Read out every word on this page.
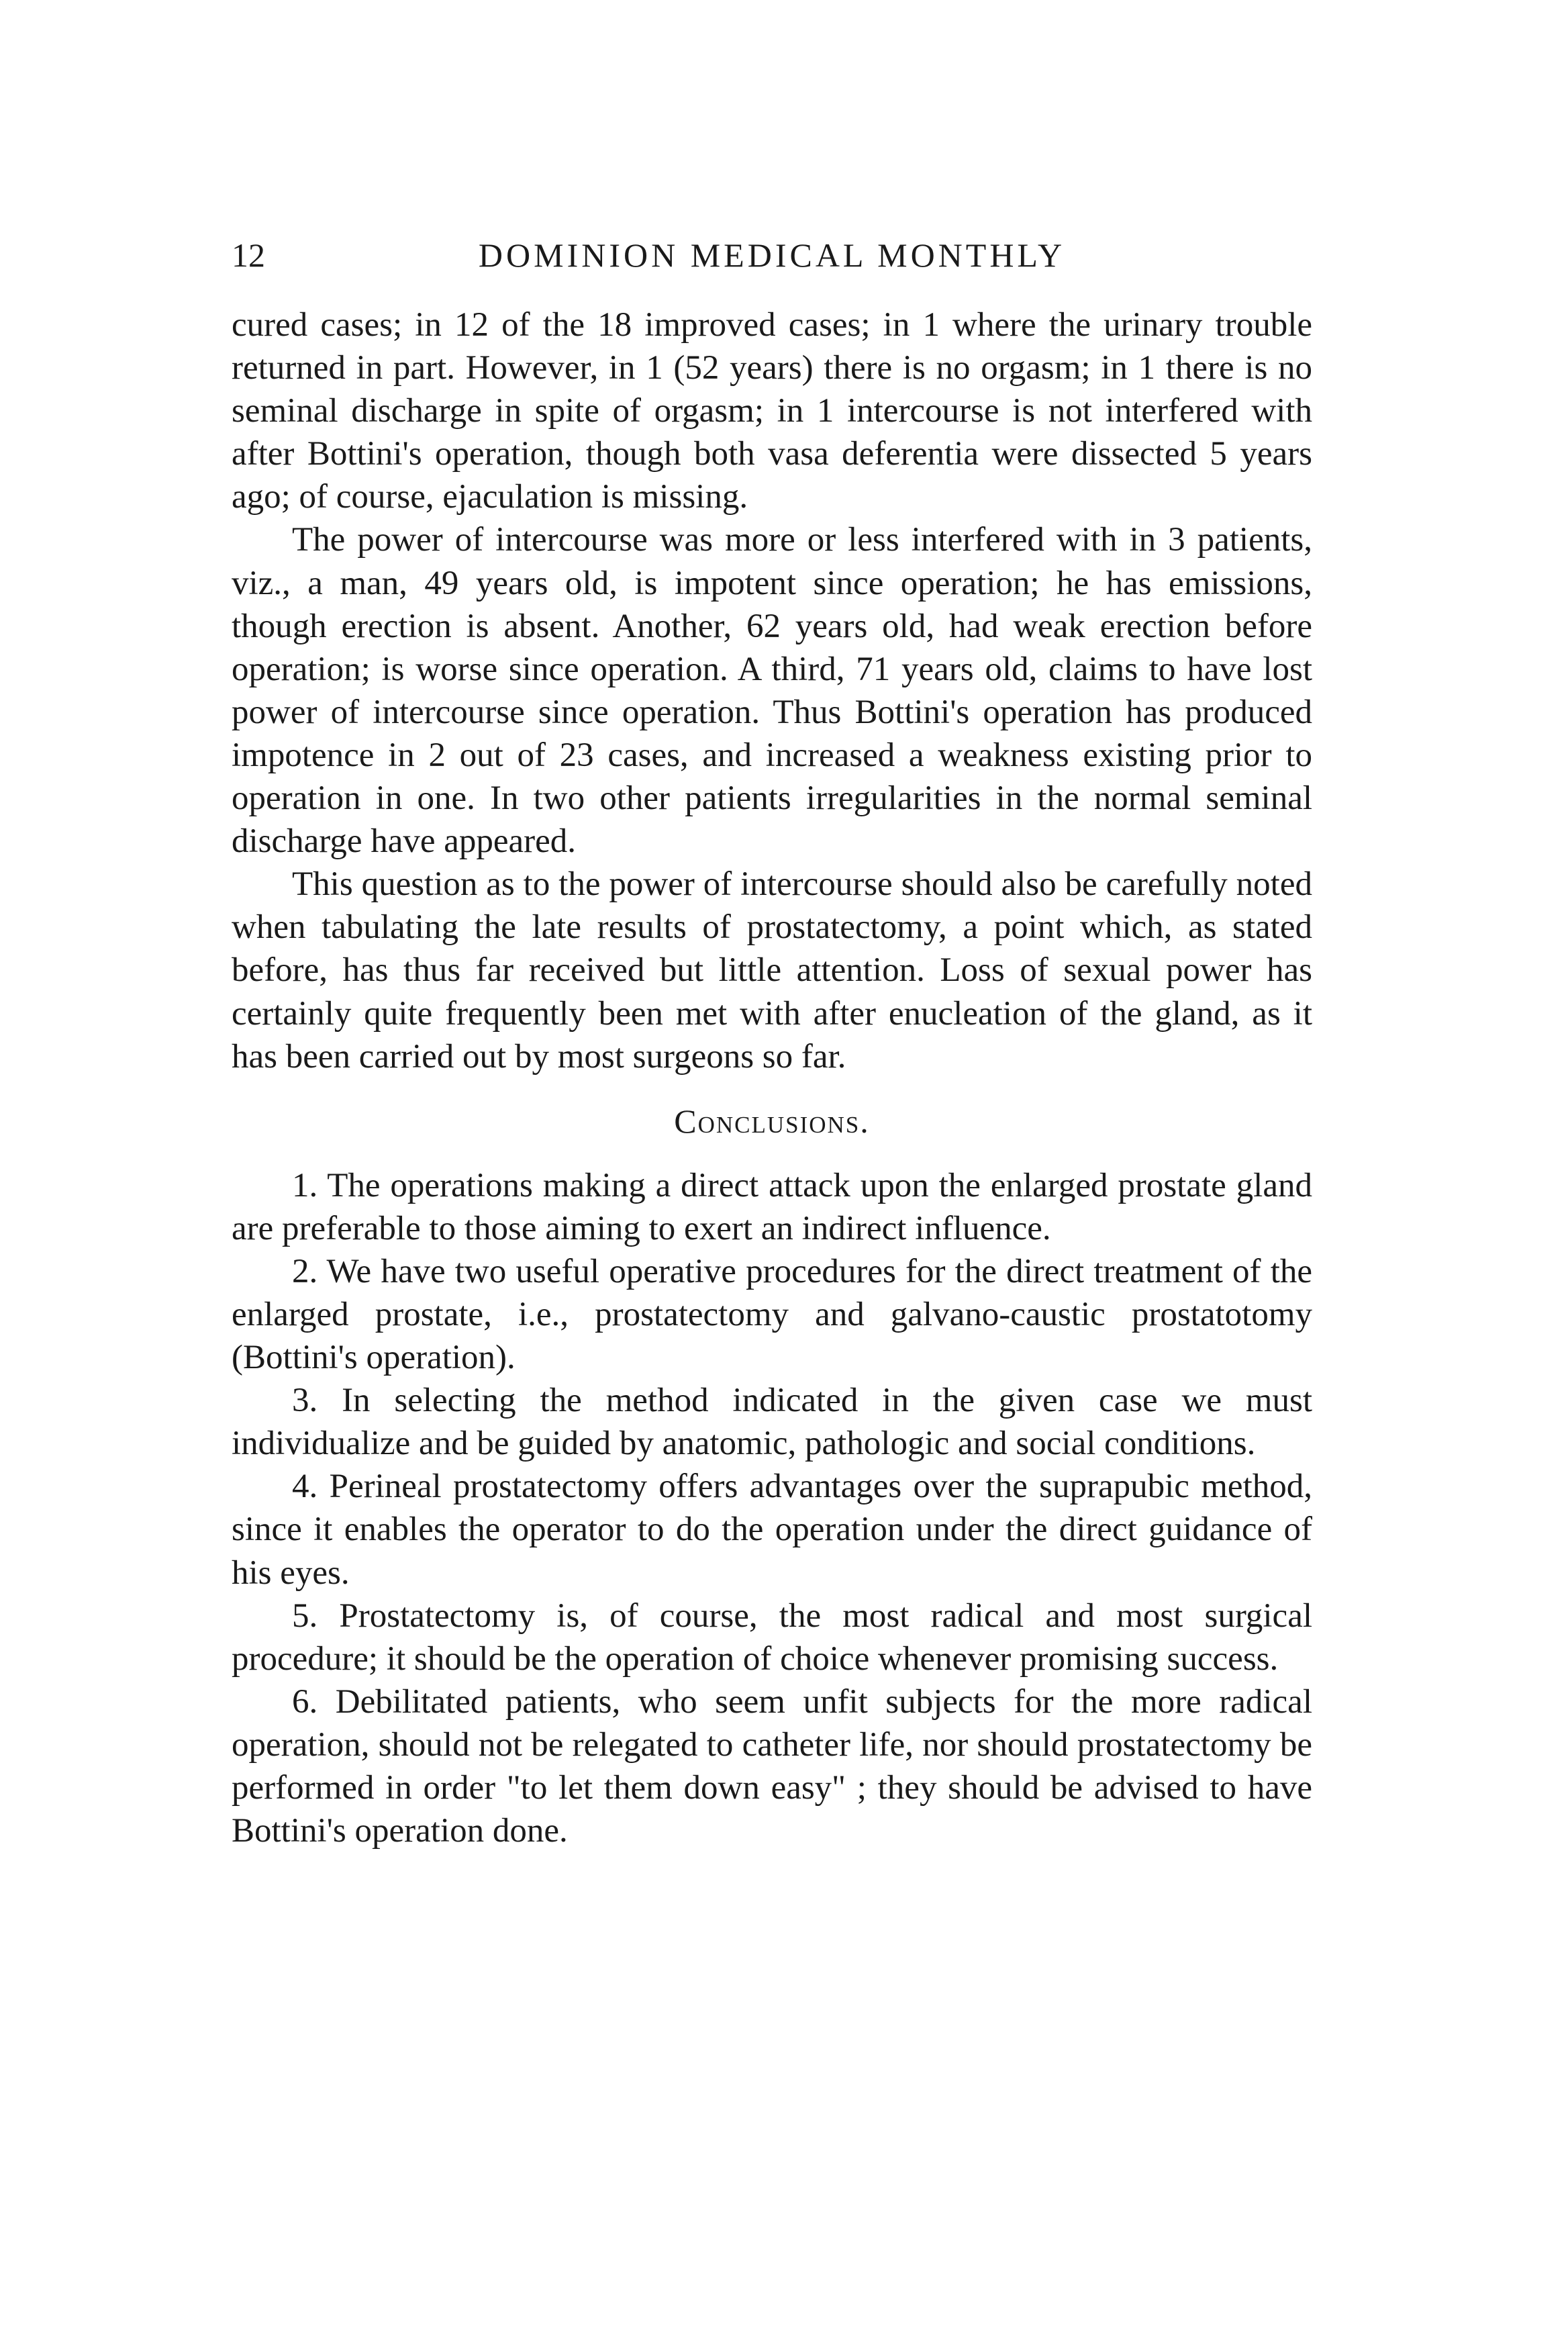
12	DOMINION MEDICAL MONTHLY

cured cases; in 12 of the 18 improved cases; in 1 where the urinary trouble returned in part. However, in 1 (52 years) there is no orgasm; in 1 there is no seminal discharge in spite of orgasm; in 1 intercourse is not interfered with after Bottini's operation, though both vasa deferentia were dissected 5 years ago; of course, ejaculation is missing.

The power of intercourse was more or less interfered with in 3 patients, viz., a man, 49 years old, is impotent since operation; he has emissions, though erection is absent. Another, 62 years old, had weak erection before operation; is worse since operation. A third, 71 years old, claims to have lost power of intercourse since operation. Thus Bottini's operation has produced impotence in 2 out of 23 cases, and increased a weakness existing prior to operation in one. In two other patients irregularities in the normal seminal discharge have appeared.

This question as to the power of intercourse should also be carefully noted when tabulating the late results of prostatectomy, a point which, as stated before, has thus far received but little attention. Loss of sexual power has certainly quite frequently been met with after enucleation of the gland, as it has been carried out by most surgeons so far.

Conclusions.

1. The operations making a direct attack upon the enlarged prostate gland are preferable to those aiming to exert an indirect influence.

2. We have two useful operative procedures for the direct treatment of the enlarged prostate, i.e., prostatectomy and galvano-caustic prostatotomy (Bottini's operation).

3. In selecting the method indicated in the given case we must individualize and be guided by anatomic, pathologic and social conditions.

4. Perineal prostatectomy offers advantages over the suprapubic method, since it enables the operator to do the operation under the direct guidance of his eyes.

5. Prostatectomy is, of course, the most radical and most surgical procedure; it should be the operation of choice whenever promising success.

6. Debilitated patients, who seem unfit subjects for the more radical operation, should not be relegated to catheter life, nor should prostatectomy be performed in order "to let them down easy" ; they should be advised to have Bottini's operation done.
